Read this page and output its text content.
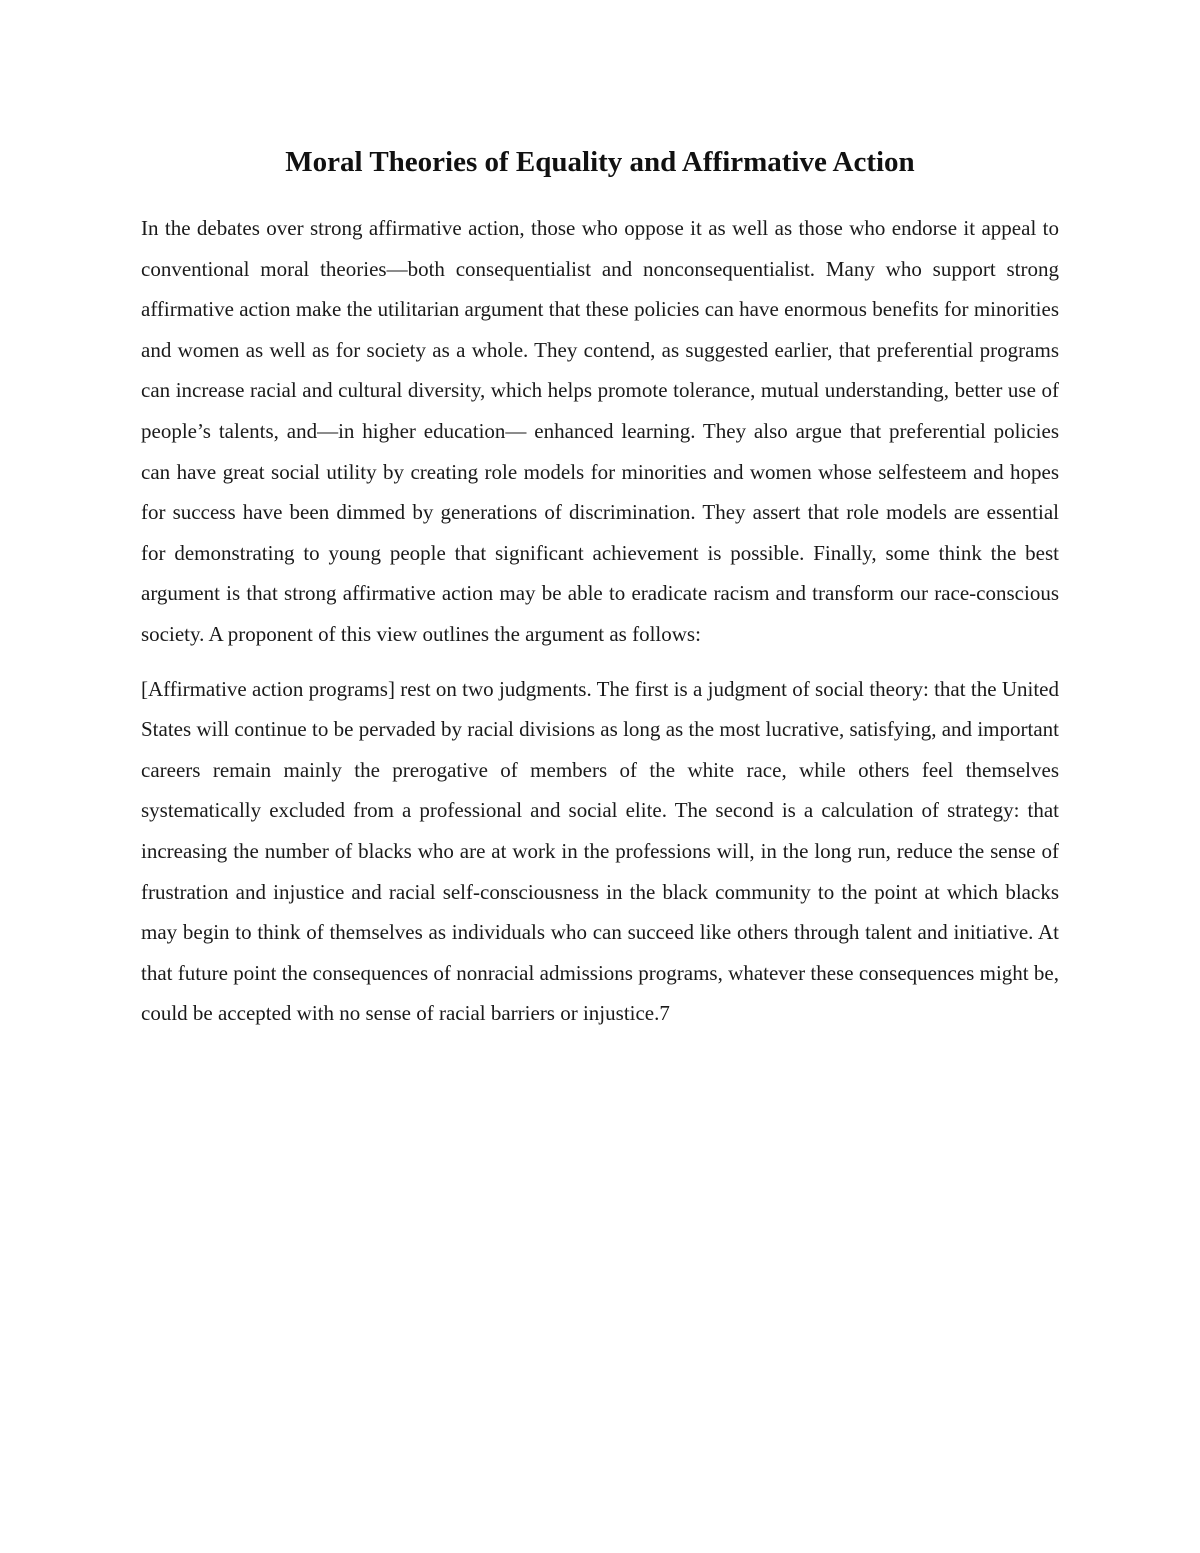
Moral Theories of Equality and Affirmative Action

In the debates over strong affirmative action, those who oppose it as well as those who endorse it appeal to conventional moral theories—both consequentialist and nonconsequentialist. Many who support strong affirmative action make the utilitarian argument that these policies can have enormous benefits for minorities and women as well as for society as a whole. They contend, as suggested earlier, that preferential programs can increase racial and cultural diversity, which helps promote tolerance, mutual understanding, better use of people’s talents, and—in higher education— enhanced learning. They also argue that preferential policies can have great social utility by creating role models for minorities and women whose selfesteem and hopes for success have been dimmed by generations of discrimination. They assert that role models are essential for demonstrating to young people that significant achievement is possible. Finally, some think the best argument is that strong affirmative action may be able to eradicate racism and transform our race-conscious society. A proponent of this view outlines the argument as follows:

[Affirmative action programs] rest on two judgments. The first is a judgment of social theory: that the United States will continue to be pervaded by racial divisions as long as the most lucrative, satisfying, and important careers remain mainly the prerogative of members of the white race, while others feel themselves systematically excluded from a professional and social elite. The second is a calculation of strategy: that increasing the number of blacks who are at work in the professions will, in the long run, reduce the sense of frustration and injustice and racial self-consciousness in the black community to the point at which blacks may begin to think of themselves as individuals who can succeed like others through talent and initiative. At that future point the consequences of nonracial admissions programs, whatever these consequences might be, could be accepted with no sense of racial barriers or injustice.7
